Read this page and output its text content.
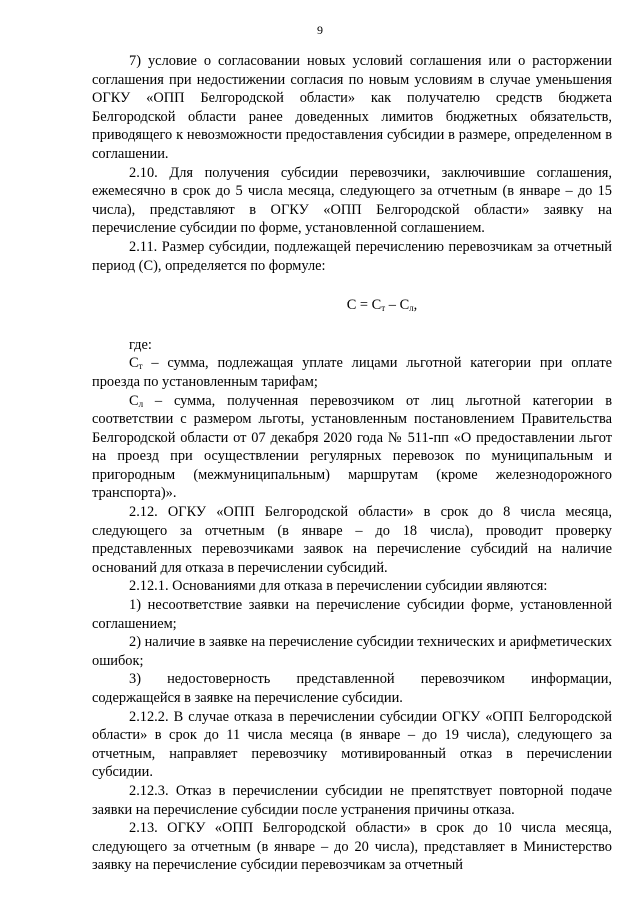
9

7) условие о согласовании новых условий соглашения или о расторжении соглашения при недостижении согласия по новым условиям в случае уменьшения ОГКУ «ОПП Белгородской области» как получателю средств бюджета Белгородской области ранее доведенных лимитов бюджетных обязательств, приводящего к невозможности предоставления субсидии в размере, определенном в соглашении.

2.10. Для получения субсидии перевозчики, заключившие соглашения, ежемесячно в срок до 5 числа месяца, следующего за отчетным (в январе – до 15 числа), представляют в ОГКУ «ОПП Белгородской области» заявку на перечисление субсидии по форме, установленной соглашением.

2.11. Размер субсидии, подлежащей перечислению перевозчикам за отчетный период (С), определяется по формуле:

$С = С_т - С_л$,

где:

$С_т$ – сумма, подлежащая уплате лицами льготной категории при оплате проезда по установленным тарифам;

$С_л$ – сумма, полученная перевозчиком от лиц льготной категории в соответствии с размером льготы, установленным постановлением Правительства Белгородской области от 07 декабря 2020 года № 511-пп «О предоставлении льгот на проезд при осуществлении регулярных перевозок по муниципальным и пригородным (межмуниципальным) маршрутам (кроме железнодорожного транспорта)».

2.12. ОГКУ «ОПП Белгородской области» в срок до 8 числа месяца, следующего за отчетным (в январе – до 18 числа), проводит проверку представленных перевозчиками заявок на перечисление субсидий на наличие оснований для отказа в перечислении субсидий.

2.12.1. Основаниями для отказа в перечислении субсидии являются:

1) несоответствие заявки на перечисление субсидии форме, установленной соглашением;

2) наличие в заявке на перечисление субсидии технических и арифметических ошибок;

3) недостоверность представленной перевозчиком информации, содержащейся в заявке на перечисление субсидии.

2.12.2. В случае отказа в перечислении субсидии ОГКУ «ОПП Белгородской области» в срок до 11 числа месяца (в январе – до 19 числа), следующего за отчетным, направляет перевозчику мотивированный отказ в перечислении субсидии.

2.12.3. Отказ в перечислении субсидии не препятствует повторной подаче заявки на перечисление субсидии после устранения причины отказа.

2.13. ОГКУ «ОПП Белгородской области» в срок до 10 числа месяца, следующего за отчетным (в январе – до 20 числа), представляет в Министерство заявку на перечисление субсидии перевозчикам за отчетный
